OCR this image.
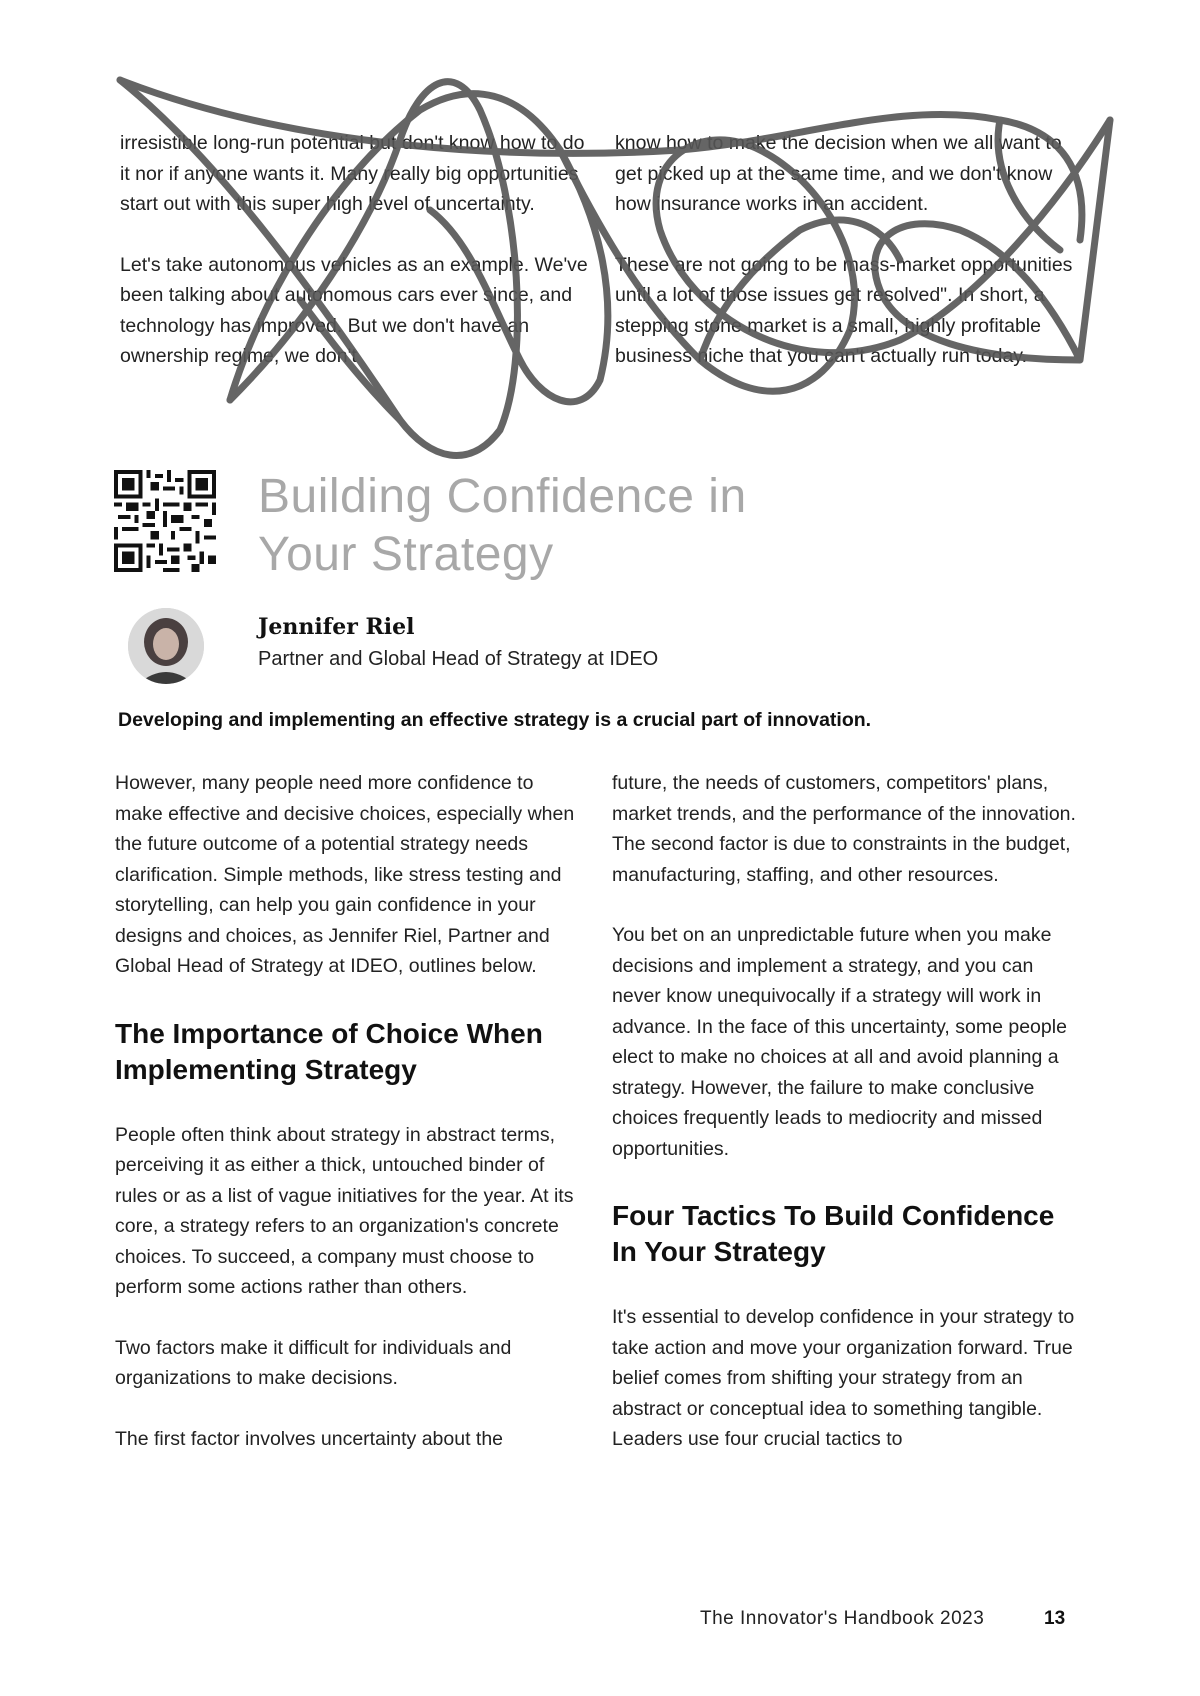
irresistible long-run potential but don't know how to do it nor if anyone wants it. Many really big opportunities start out with this super high level of uncertainty.

Let's take autonomous vehicles as an example. We've been talking about autonomous cars ever since, and technology has improved. But we don't have an ownership regime, we don't

know how to make the decision when we all want to get picked up at the same time, and we don't know how insurance works in an accident.

These are not going to be mass-market opportunities until a lot of those issues get resolved". In short, a stepping stone market is a small, highly profitable business niche that you can't actually run today.

Building Confidence in
Your Strategy
Jennifer Riel
Partner and Global Head of Strategy at IDEO
Developing and implementing an effective strategy is a crucial part of innovation.

However, many people need more confidence to make effective and decisive choices, especially when the future outcome of a potential strategy needs clarification. Simple methods, like stress testing and storytelling, can help you gain confidence in your designs and choices, as Jennifer Riel, Partner and Global Head of Strategy at IDEO, outlines below.

The Importance of Choice When Implementing Strategy

People often think about strategy in abstract terms, perceiving it as either a thick, untouched binder of rules or as a list of vague initiatives for the year. At its core, a strategy refers to an organization's concrete choices. To succeed, a company must choose to perform some actions rather than others.

Two factors make it difficult for individuals and organizations to make decisions.

The first factor involves uncertainty about the

future, the needs of customers, competitors' plans, market trends, and the performance of the innovation. The second factor is due to constraints in the budget, manufacturing, staffing, and other resources.

You bet on an unpredictable future when you make decisions and implement a strategy, and you can never know unequivocally if a strategy will work in advance. In the face of this uncertainty, some people elect to make no choices at all and avoid planning a strategy. However, the failure to make conclusive choices frequently leads to mediocrity and missed opportunities.

Four Tactics To Build Confidence In Your Strategy

It's essential to develop confidence in your strategy to take action and move your organization forward. True belief comes from shifting your strategy from an abstract or conceptual idea to something tangible. Leaders use four crucial tactics to

The Innovator's Handbook 2023	13
